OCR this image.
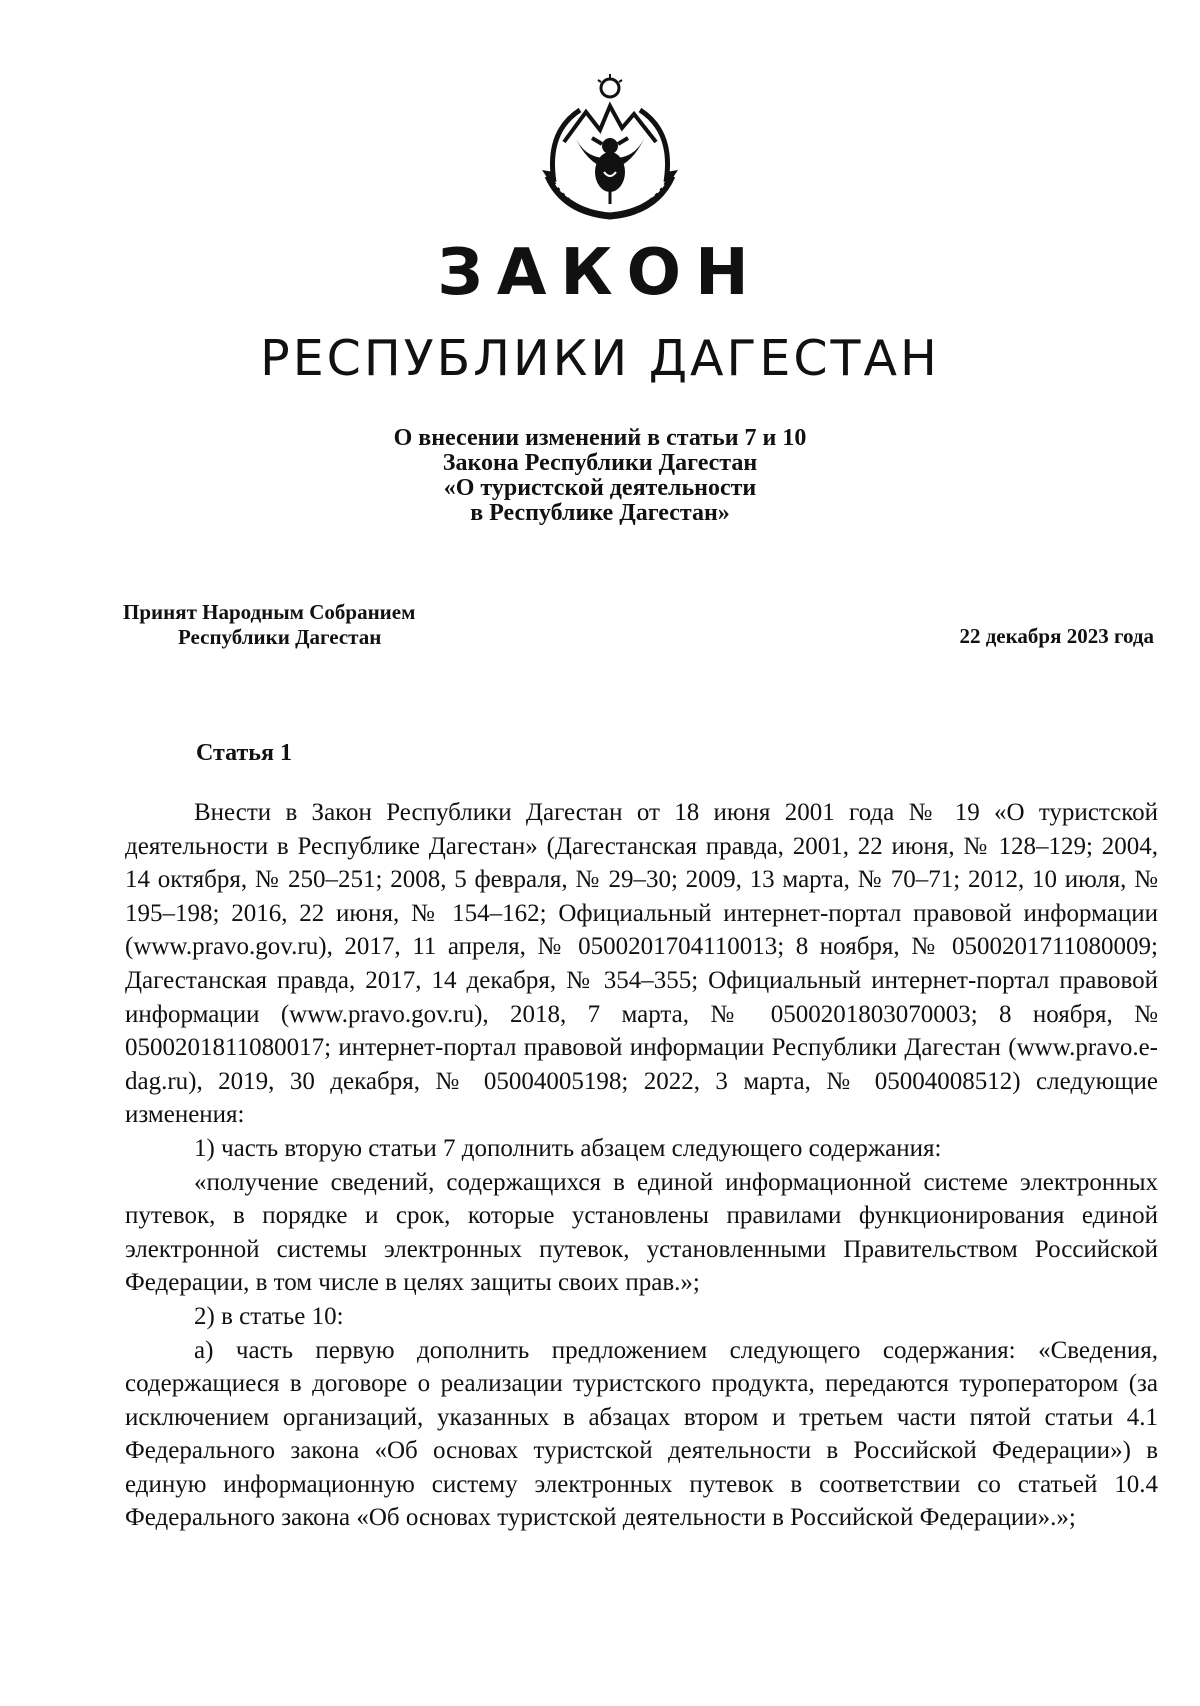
ЗАКОН
РЕСПУБЛИКИ ДАГЕСТАН
О внесении изменений в статьи 7 и 10
Закона Республики Дагестан
«О туристской деятельности
в Республике Дагестан»
Принят Народным Собранием
Республики Дагестан	22 декабря 2023 года
Статья 1

Внести в Закон Республики Дагестан от 18 июня 2001 года № 19 «О туристской деятельности в Республике Дагестан» (Дагестанская правда, 2001, 22 июня, № 128–129; 2004, 14 октября, № 250–251; 2008, 5 февраля, № 29–30; 2009, 13 марта, № 70–71; 2012, 10 июля, № 195–198; 2016, 22 июня, № 154–162; Официальный интернет-портал правовой информации (www.pravo.gov.ru), 2017, 11 апреля, № 0500201704110013; 8 ноября, № 0500201711080009; Дагестанская правда, 2017, 14 декабря, № 354–355; Официальный интернет-портал правовой информации (www.pravo.gov.ru), 2018, 7 марта, № 0500201803070003; 8 ноября, № 0500201811080017; интернет-портал правовой информации Республики Дагестан (www.pravo.e-dag.ru), 2019, 30 декабря, № 05004005198; 2022, 3 марта, № 05004008512) следующие изменения:

1) часть вторую статьи 7 дополнить абзацем следующего содержания:

«получение сведений, содержащихся в единой информационной системе электронных путевок, в порядке и срок, которые установлены правилами функционирования единой электронной системы электронных путевок, установленными Правительством Российской Федерации, в том числе в целях защиты своих прав.»;

2) в статье 10:

а) часть первую дополнить предложением следующего содержания: «Сведения, содержащиеся в договоре о реализации туристского продукта, передаются туроператором (за исключением организаций, указанных в абзацах втором и третьем части пятой статьи 4.1 Федерального закона «Об основах туристской деятельности в Российской Федерации») в единую информационную систему электронных путевок в соответствии со статьей 10.4 Федерального закона «Об основах туристской деятельности в Российской Федерации».»;
